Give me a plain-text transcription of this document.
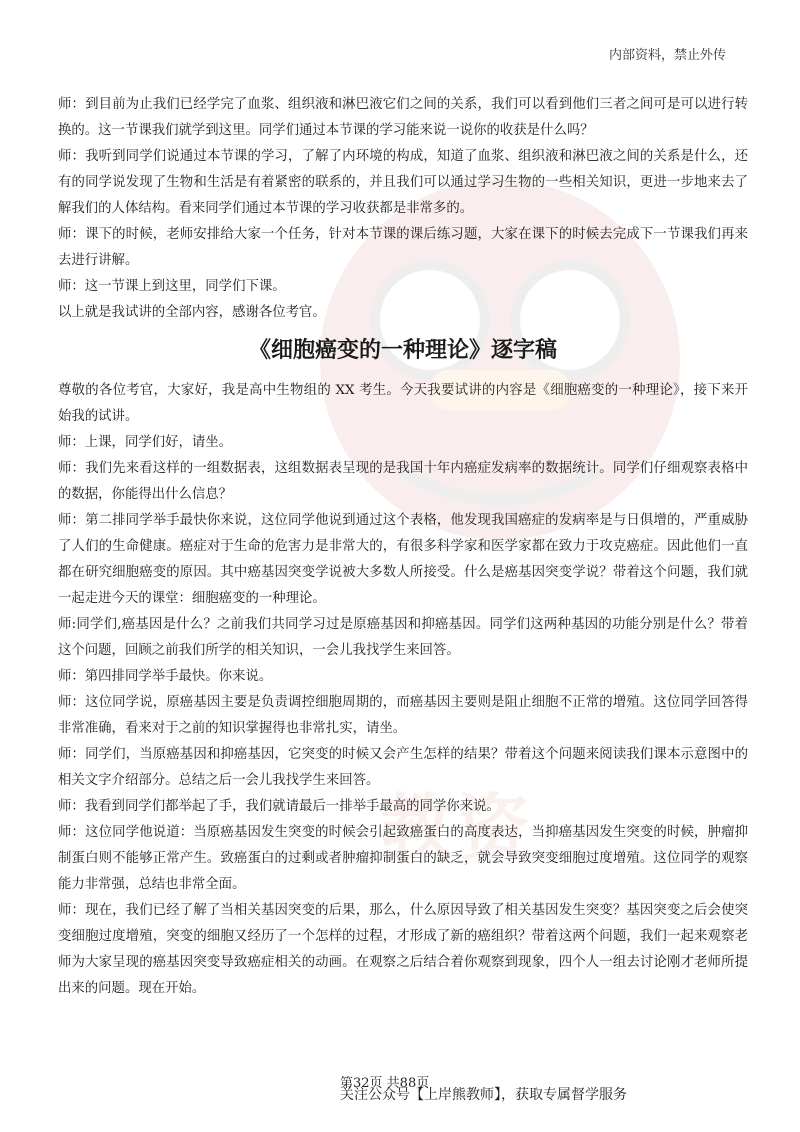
教资
内部资料，禁止外传

师：到目前为止我们已经学完了血浆、组织液和淋巴液它们之间的关系，我们可以看到他们三者之间可是可以进行转换的。这一节课我们就学到这里。同学们通过本节课的学习能来说一说你的收获是什么吗？

师：我听到同学们说通过本节课的学习，了解了内环境的构成，知道了血浆、组织液和淋巴液之间的关系是什么，还有的同学说发现了生物和生活是有着紧密的联系的，并且我们可以通过学习生物的一些相关知识，更进一步地来去了解我们的人体结构。看来同学们通过本节课的学习收获都是非常多的。

师：课下的时候，老师安排给大家一个任务，针对本节课的课后练习题，大家在课下的时候去完成下一节课我们再来去进行讲解。

师：这一节课上到这里，同学们下课。

以上就是我试讲的全部内容，感谢各位考官。

《细胞癌变的一种理论》逐字稿

尊敬的各位考官，大家好，我是高中生物组的 XX 考生。今天我要试讲的内容是《细胞癌变的一种理论》，接下来开始我的试讲。

师：上课，同学们好，请坐。

师：我们先来看这样的一组数据表，这组数据表呈现的是我国十年内癌症发病率的数据统计。同学们仔细观察表格中的数据，你能得出什么信息？

师：第二排同学举手最快你来说，这位同学他说到通过这个表格，他发现我国癌症的发病率是与日俱增的，严重威胁了人们的生命健康。癌症对于生命的危害力是非常大的，有很多科学家和医学家都在致力于攻克癌症。因此他们一直都在研究细胞癌变的原因。其中癌基因突变学说被大多数人所接受。什么是癌基因突变学说？带着这个问题，我们就一起走进今天的课堂：细胞癌变的一种理论。

师:同学们,癌基因是什么？之前我们共同学习过是原癌基因和抑癌基因。同学们这两种基因的功能分别是什么？带着这个问题，回顾之前我们所学的相关知识，一会儿我找学生来回答。

师：第四排同学举手最快。你来说。

师：这位同学说，原癌基因主要是负责调控细胞周期的，而癌基因主要则是阻止细胞不正常的增殖。这位同学回答得非常准确，看来对于之前的知识掌握得也非常扎实，请坐。

师：同学们，当原癌基因和抑癌基因，它突变的时候又会产生怎样的结果？带着这个问题来阅读我们课本示意图中的相关文字介绍部分。总结之后一会儿我找学生来回答。

师：我看到同学们都举起了手，我们就请最后一排举手最高的同学你来说。

师：这位同学他说道：当原癌基因发生突变的时候会引起致癌蛋白的高度表达，当抑癌基因发生突变的时候，肿瘤抑制蛋白则不能够正常产生。致癌蛋白的过剩或者肿瘤抑制蛋白的缺乏，就会导致突变细胞过度增殖。这位同学的观察能力非常强，总结也非常全面。

师：现在，我们已经了解了当相关基因突变的后果，那么，什么原因导致了相关基因发生突变？基因突变之后会使突变细胞过度增殖，突变的细胞又经历了一个怎样的过程，才形成了新的癌组织？带着这两个问题，我们一起来观察老师为大家呈现的癌基因突变导致癌症相关的动画。在观察之后结合着你观察到现象，四个人一组去讨论刚才老师所提出来的问题。现在开始。

第32页 共88页
关注公众号【上岸熊教师】，获取专属督学服务
